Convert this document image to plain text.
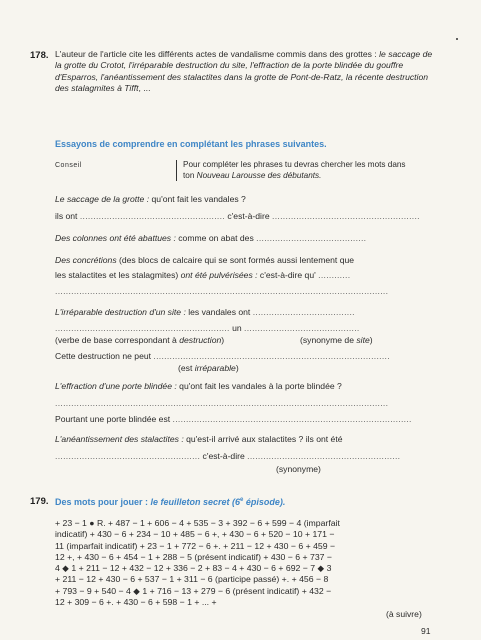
178. L'auteur de l'article cite les différents actes de vandalisme commis dans des grottes : le saccage de la grotte du Crotot, l'irréparable destruction du site, l'effraction de la porte blindée du gouffre d'Esparros, l'anéantissement des stalactites dans la grotte de Pont-de-Ratz, la récente destruction des stalagmites à Tifft, ...
Essayons de comprendre en complétant les phrases suivantes.
Conseil	Pour compléter les phrases tu devras chercher les mots dans
ton Nouveau Larousse des débutants.
Le saccage de la grotte : qu'ont fait les vandales ?
ils ont ...................................................... c'est-à-dire .......................................................
Des colonnes ont été abattues : comme on abat des .........................................
Des concrétions (des blocs de calcaire qui se sont formés aussi lentement que
les stalactites et les stalagmites) ont été pulvérisées : c'est-à-dire qu' ............
............................................................................................................................
L'irréparable destruction d'un site : les vandales ont ......................................
................................................................. un ...........................................
(verbe de base correspondant à destruction)	(synonyme de site)
Cette destruction ne peut ........................................................................................
(est irréparable)
L'effraction d'une porte blindée : qu'ont fait les vandales à la porte blindée ?
............................................................................................................................
Pourtant une porte blindée est .........................................................................................
L'anéantissement des stalactites : qu'est-il arrivé aux stalactites ? ils ont été
...................................................... c'est-à-dire .........................................................
(synonyme)
179. Des mots pour jouer : le feuilleton secret (6e épisode).
+ 23 − 1 ● R. + 487 − 1 + 606 − 4 + 535 − 3 + 392 − 6 + 599 − 4 (imparfait
indicatif) + 430 − 6 + 234 − 10 + 485 − 6 +, + 430 − 6 + 520 − 10 + 171 −
11 (imparfait indicatif) + 23 − 1 + 772 − 6 +. + 211 − 12 + 430 − 6 + 459 −
12 +, + 430 − 6 + 454 − 1 + 288 − 5 (présent indicatif) + 430 − 6 + 737 −
4 ◆ 1 + 211 − 12 + 432 − 12 + 336 − 2 + 83 − 4 + 430 − 6 + 692 − 7 ◆ 3
+ 211 − 12 + 430 − 6 + 537 − 1 + 311 − 6 (participe passé) +. + 456 − 8
+ 793 − 9 + 540 − 4 ◆ 1 + 716 − 13 + 279 − 6 (présent indicatif) + 432 −
12 + 309 − 6 +. + 430 − 6 + 598 − 1 + ... +
(à suivre)
91
